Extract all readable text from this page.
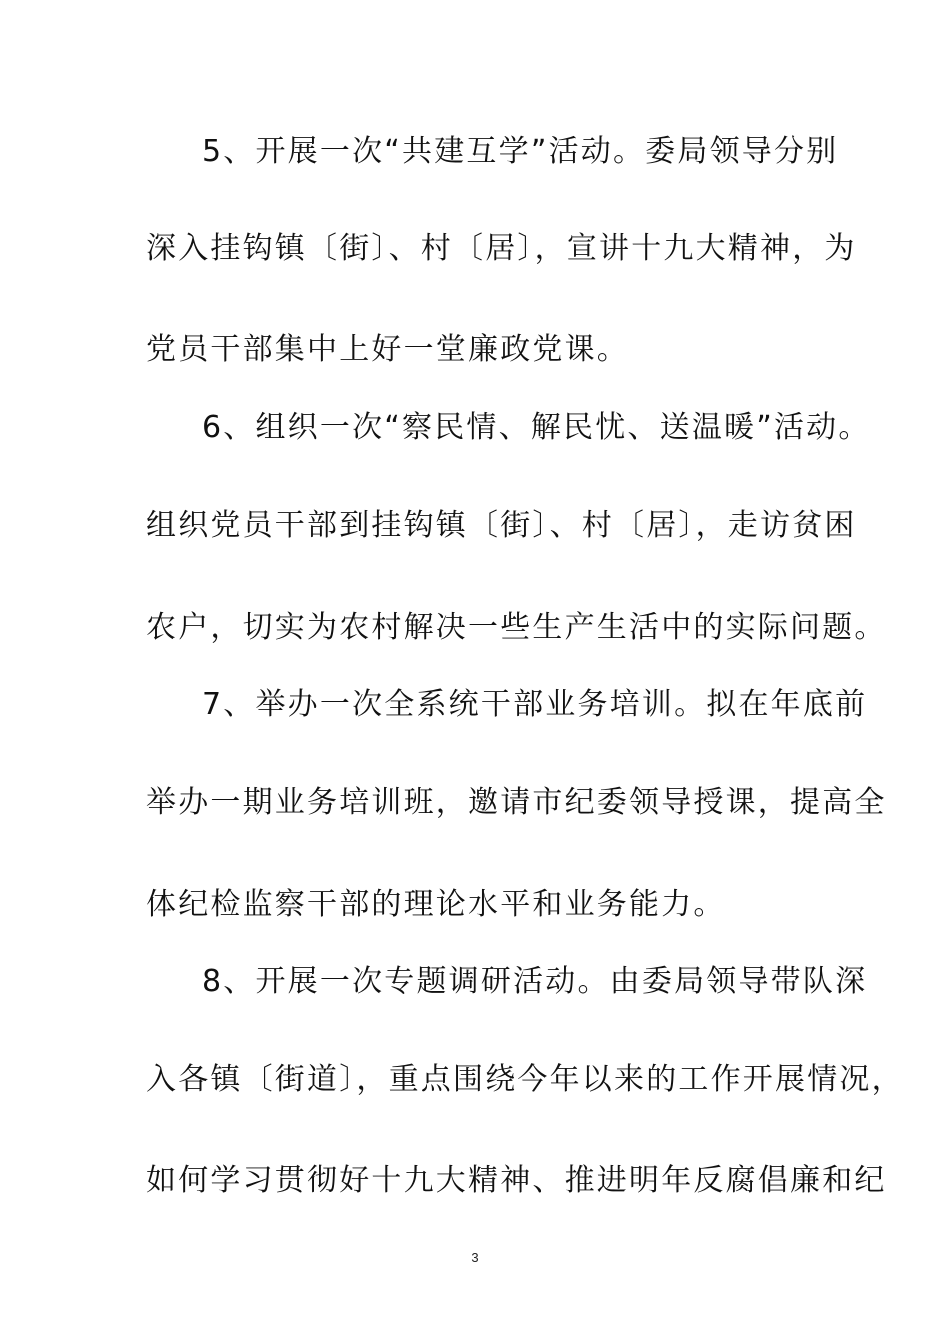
5、开展一次“共建互学”活动。委局领导分别
深入挂钩镇〔街〕、村〔居〕，宣讲十九大精神，为
党员干部集中上好一堂廉政党课。
6、组织一次“察民情、解民忧、送温暖”活动。
组织党员干部到挂钩镇〔街〕、村〔居〕，走访贫困
农户，切实为农村解决一些生产生活中的实际问题。
7、举办一次全系统干部业务培训。拟在年底前
举办一期业务培训班，邀请市纪委领导授课，提高全
体纪检监察干部的理论水平和业务能力。
8、开展一次专题调研活动。由委局领导带队深
入各镇〔街道〕，重点围绕今年以来的工作开展情况，
如何学习贯彻好十九大精神、推进明年反腐倡廉和纪
3
